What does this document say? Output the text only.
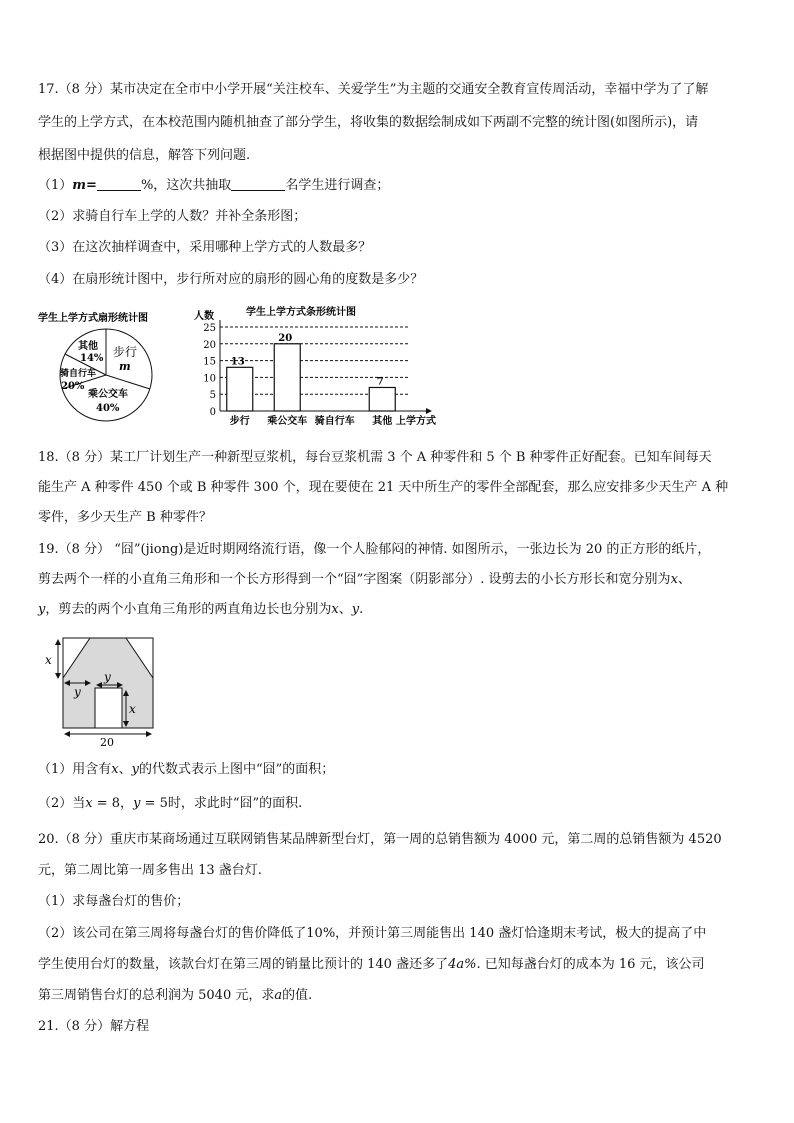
17.（8 分）某市决定在全市中小学开展“关注校车、关爱学生”为主题的交通安全教育宣传周活动，幸福中学为了了解
学生的上学方式，在本校范围内随机抽查了部分学生，将收集的数据绘制成如下两副不完整的统计图(如图所示)，请
根据图中提供的信息，解答下列问题.
（1）m=	%，这次共抽取	名学生进行调查；
（2）求骑自行车上学的人数？并补全条形图；
（3）在这次抽样调查中，采用哪种上学方式的人数最多？
（4）在扇形统计图中，步行所对应的扇形的圆心角的度数是多少？
学生上学方式扇形统计图
其他
14% 步行
m
骑自行车
20%
乘公交车
40%
学生上学方式条形统计图
人数
上学方式
0
5
10
15
20
25
13
20
7
步行 乘公交车 骑自行车 其他
18.（8 分）某工厂计划生产一种新型豆浆机，每台豆浆机需 3 个 A 种零件和 5 个 B 种零件正好配套。已知车间每天
能生产 A 种零件 450 个或 B 种零件 300 个，现在要使在 21 天中所生产的零件全部配套，那么应安排多少天生产 A 种
零件，多少天生产 B 种零件？
19.（8 分） “囧”(jiong)是近时期网络流行语，像一个人脸郁闷的神情. 如图所示，一张边长为 20 的正方形的纸片，
剪去两个一样的小直角三角形和一个长方形得到一个“囧”字图案（阴影部分）. 设剪去的小长方形长和宽分别为x、
y，剪去的两个小直角三角形的两直角边长也分别为x、y.
x
y
y
x
20
（1）用含有x、y的代数式表示上图中“囧”的面积；
（2）当x = 8，y = 5时，求此时“囧”的面积.
20.（8 分）重庆市某商场通过互联网销售某品牌新型台灯，第一周的总销售额为 4000 元，第二周的总销售额为 4520
元，第二周比第一周多售出 13 盏台灯.
（1）求每盏台灯的售价；
（2）该公司在第三周将每盏台灯的售价降低了10%，并预计第三周能售出 140 盏灯恰逢期末考试，极大的提高了中
学生使用台灯的数量，该款台灯在第三周的销量比预计的 140 盏还多了4a%. 已知每盏台灯的成本为 16 元，该公司
第三周销售台灯的总利润为 5040 元，求a的值.
21.（8 分）解方程
